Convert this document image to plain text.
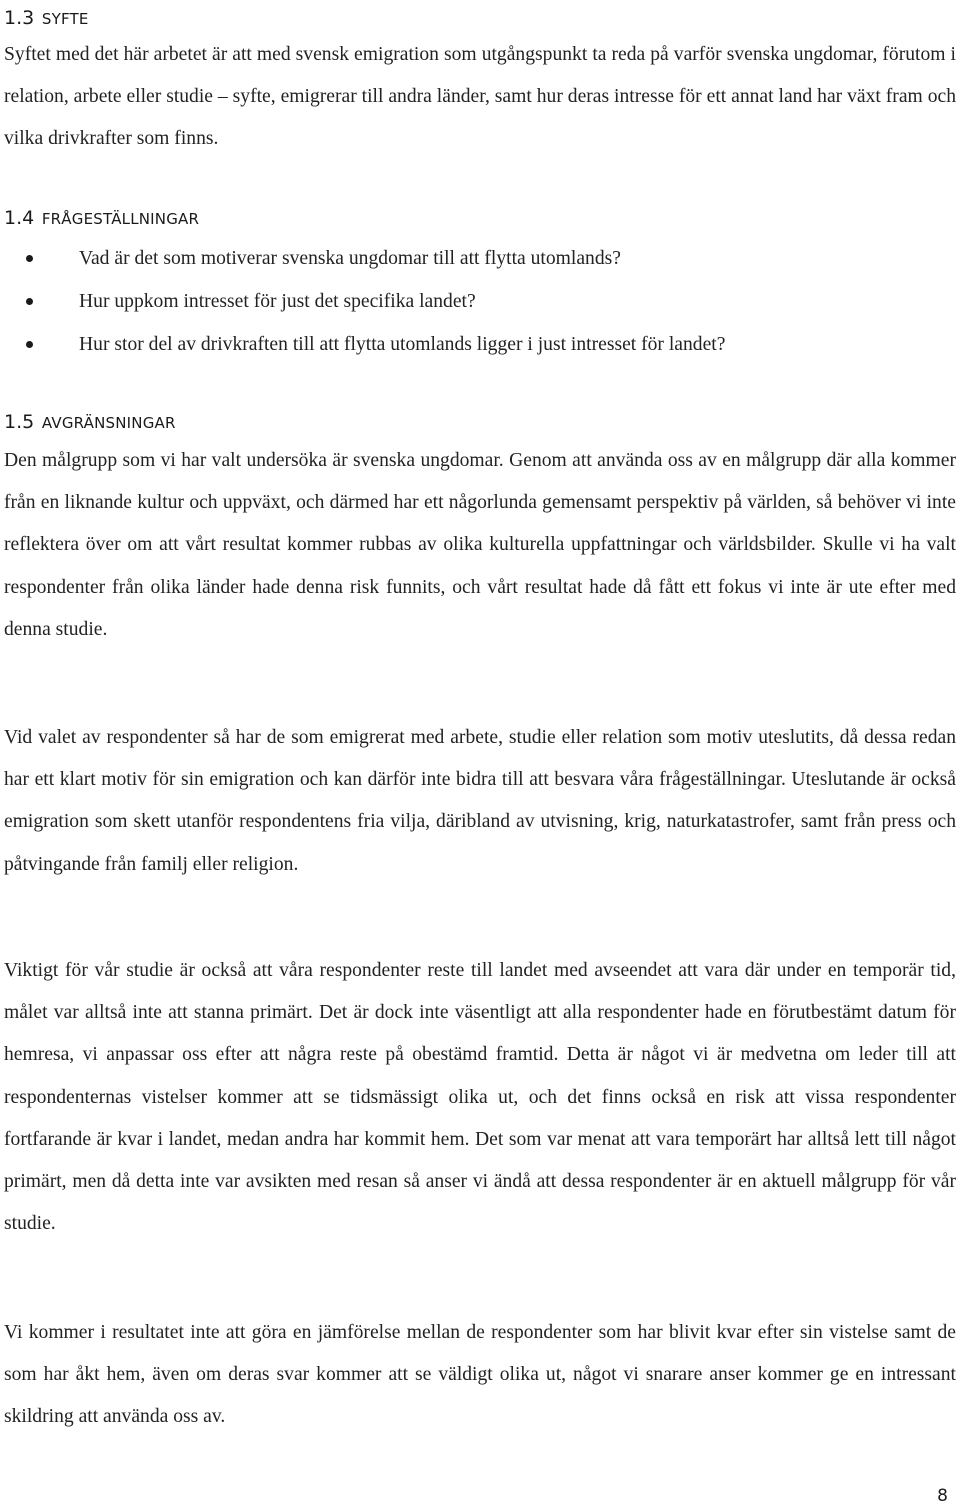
1.3 SYFTE

Syftet med det här arbetet är att med svensk emigration som utgångspunkt ta reda på varför svenska ungdomar, förutom i relation, arbete eller studie – syfte, emigrerar till andra länder, samt hur deras intresse för ett annat land har växt fram och vilka drivkrafter som finns.

1.4 FRÅGESTÄLLNINGAR
Vad är det som motiverar svenska ungdomar till att flytta utomlands?
Hur uppkom intresset för just det specifika landet?
Hur stor del av drivkraften till att flytta utomlands ligger i just intresset för landet?
1.5 AVGRÄNSNINGAR

Den målgrupp som vi har valt undersöka är svenska ungdomar. Genom att använda oss av en målgrupp där alla kommer från en liknande kultur och uppväxt, och därmed har ett någorlunda gemensamt perspektiv på världen, så behöver vi inte reflektera över om att vårt resultat kommer rubbas av olika kulturella uppfattningar och världsbilder. Skulle vi ha valt respondenter från olika länder hade denna risk funnits, och vårt resultat hade då fått ett fokus vi inte är ute efter med denna studie.

Vid valet av respondenter så har de som emigrerat med arbete, studie eller relation som motiv uteslutits, då dessa redan har ett klart motiv för sin emigration och kan därför inte bidra till att besvara våra frågeställningar. Uteslutande är också emigration som skett utanför respondentens fria vilja, däribland av utvisning, krig, naturkatastrofer, samt från press och påtvingande från familj eller religion.

Viktigt för vår studie är också att våra respondenter reste till landet med avseendet att vara där under en temporär tid, målet var alltså inte att stanna primärt. Det är dock inte väsentligt att alla respondenter hade en förutbestämt datum för hemresa, vi anpassar oss efter att några reste på obestämd framtid. Detta är något vi är medvetna om leder till att respondenternas vistelser kommer att se tidsmässigt olika ut, och det finns också en risk att vissa respondenter fortfarande är kvar i landet, medan andra har kommit hem. Det som var menat att vara temporärt har alltså lett till något primärt, men då detta inte var avsikten med resan så anser vi ändå att dessa respondenter är en aktuell målgrupp för vår studie.

Vi kommer i resultatet inte att göra en jämförelse mellan de respondenter som har blivit kvar efter sin vistelse samt de som har åkt hem, även om deras svar kommer att se väldigt olika ut, något vi snarare anser kommer ge en intressant skildring att använda oss av.

8
